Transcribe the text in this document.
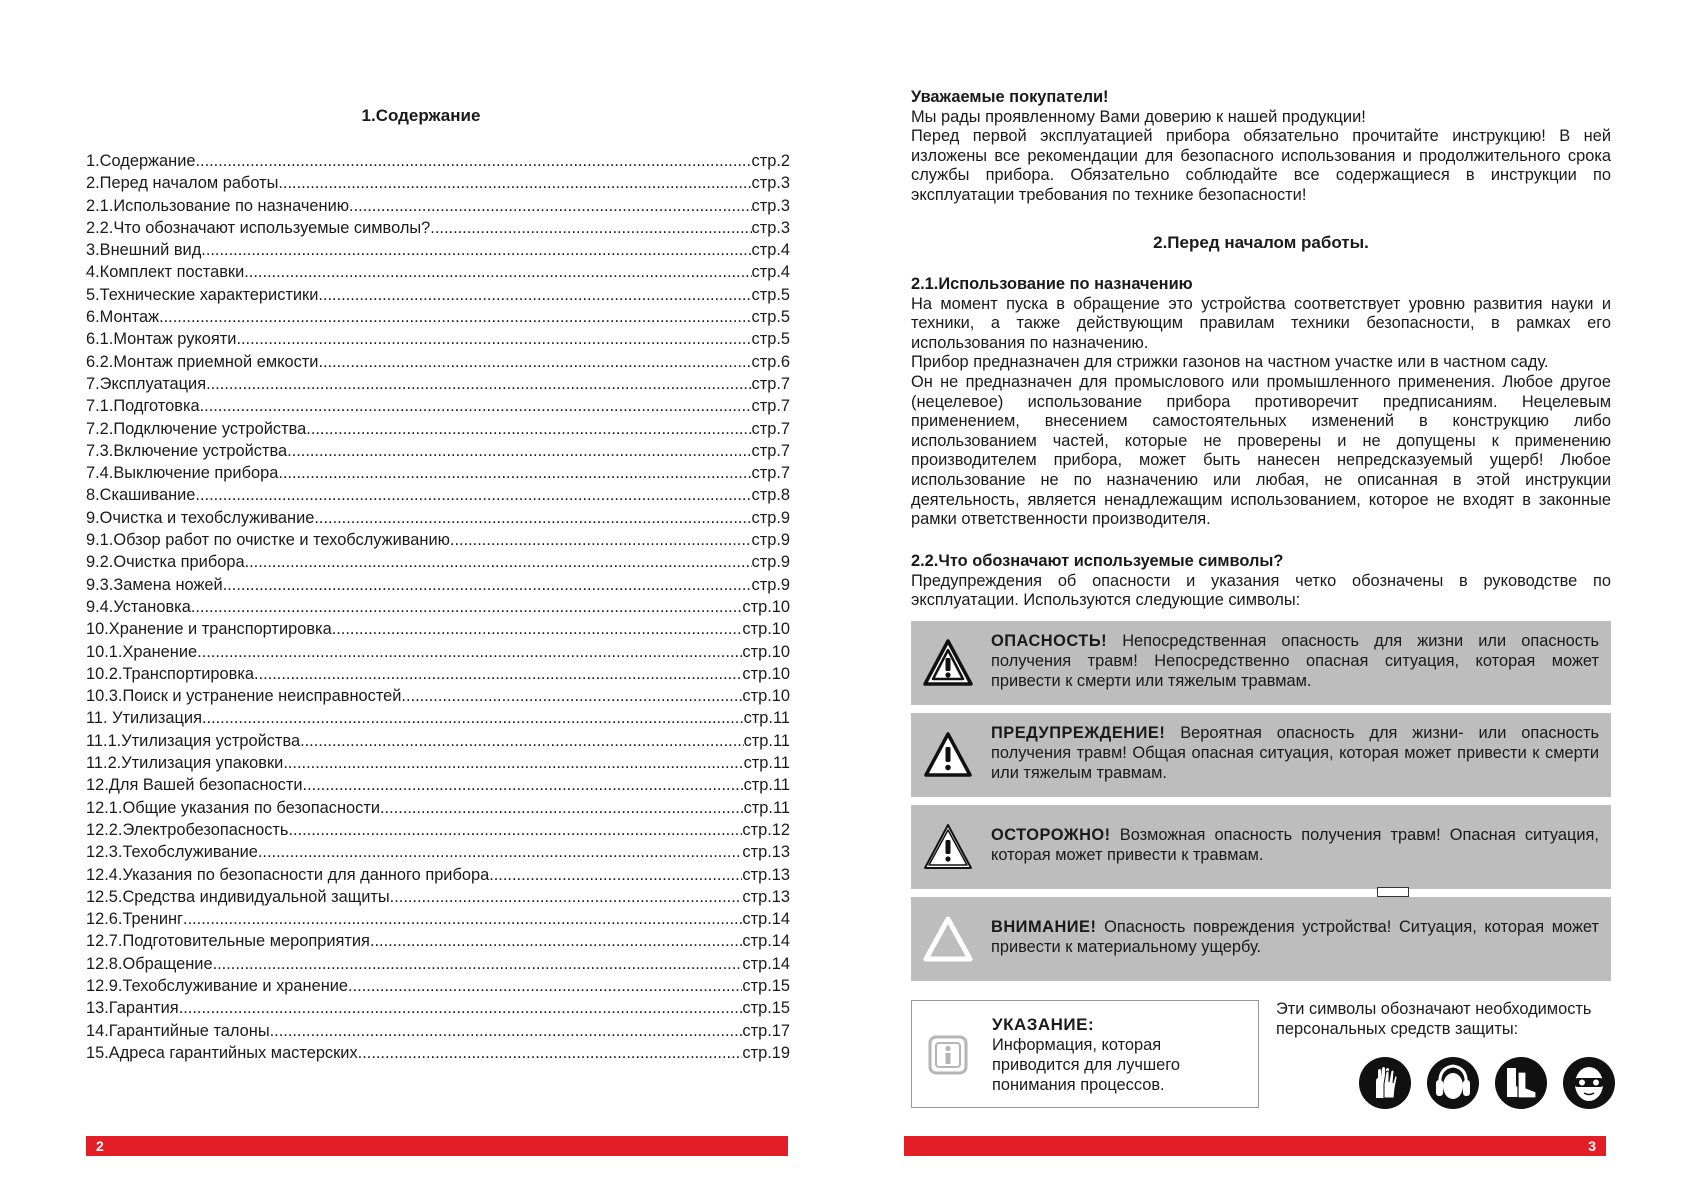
1.Содержание
1.Содержание .....	стр.2
2.Перед началом работы .....	стр.3
2.1.Использование по назначению .....	стр.3
2.2.Что обозначают используемые символы? .....	стр.3
3.Внешний вид .....	стр.4
4.Комплект поставки .....	стр.4
5.Технические характеристики .....	стр.5
6.Монтаж .....	стр.5
6.1.Монтаж рукояти .....	стр.5
6.2.Монтаж приемной емкости .....	стр.6
7.Эксплуатация .....	стр.7
7.1.Подготовка .....	стр.7
7.2.Подключение устройства .....	стр.7
7.3.Включение устройства .....	стр.7
7.4.Выключение прибора .....	стр.7
8.Скашивание .....	стр.8
9.Очистка и техобслуживание .....	стр.9
9.1.Обзор работ по очистке и техобслуживанию .....	стр.9
9.2.Очистка прибора .....	стр.9
9.3.Замена ножей .....	стр.9
9.4.Установка .....	стр.10
10.Хранение и транспортировка .....	стр.10
10.1.Хранение .....	стр.10
10.2.Транспортировка .....	стр.10
10.3.Поиск и устранение неисправностей .....	стр.10
11. Утилизация .....	стр.11
11.1.Утилизация устройства .....	стр.11
11.2.Утилизация упаковки .....	стр.11
12.Для Вашей безопасности .....	стр.11
12.1.Общие указания по безопасности .....	стр.11
12.2.Электробезопасность .....	стр.12
12.3.Техобслуживание .....	стр.13
12.4.Указания по безопасности для данного прибора .....	стр.13
12.5.Средства индивидуальной защиты .....	стр.13
12.6.Тренинг .....	стр.14
12.7.Подготовительные мероприятия .....	стр.14
12.8.Обращение .....	стр.14
12.9.Техобслуживание и хранение .....	стр.15
13.Гарантия .....	стр.15
14.Гарантийные талоны .....	стр.17
15.Адреса гарантийных мастерских .....	стр.19
2
Уважаемые покупатели!
Мы рады проявленному Вами доверию к нашей продукции!
Перед первой эксплуатацией прибора обязательно прочитайте инструкцию! В ней изложены все рекомендации для безопасного использования и продолжительного срока службы прибора. Обязательно соблюдайте все содержащиеся в инструкции по эксплуатации требования по технике безопасности!
2.Перед началом работы.
2.1.Использование по назначению
На момент пуска в обращение это устройства соответствует уровню развития науки и техники, а также действующим правилам техники безопасности, в рамках его использования по назначению.
Прибор предназначен для стрижки газонов на частном участке или в частном саду.
Он не предназначен для промыслового или промышленного применения. Любое другое (нецелевое) использование прибора противоречит предписаниям. Нецелевым применением, внесением самостоятельных изменений в конструкцию либо использованием частей, которые не проверены и не допущены к применению производителем прибора, может быть нанесен непредсказуемый ущерб! Любое использование не по назначению или любая, не описанная в этой инструкции деятельность, является ненадлежащим использованием, которое не входят в законные рамки ответственности производителя.
2.2.Что обозначают используемые символы?
Предупреждения об опасности и указания четко обозначены в руководстве по эксплуатации. Используются следующие символы:
ОПАСНОСТЬ! Непосредственная опасность для жизни или опасность получения травм! Непосредственно опасная ситуация, которая может привести к смерти или тяжелым травмам.
ПРЕДУПРЕЖДЕНИЕ! Вероятная опасность для жизни- или опасность получения травм! Общая опасная ситуация, которая может привести к смерти или тяжелым травмам.
ОСТОРОЖНО! Возможная опасность получения травм! Опасная ситуация, которая может привести к травмам.
ВНИМАНИЕ! Опасность повреждения устройства! Ситуация, которая может привести к материальному ущербу.
УКАЗАНИЕ:
Информация, которая приводится для лучшего понимания процессов.
Эти символы обозначают необходимость персональных средств защиты:
3
